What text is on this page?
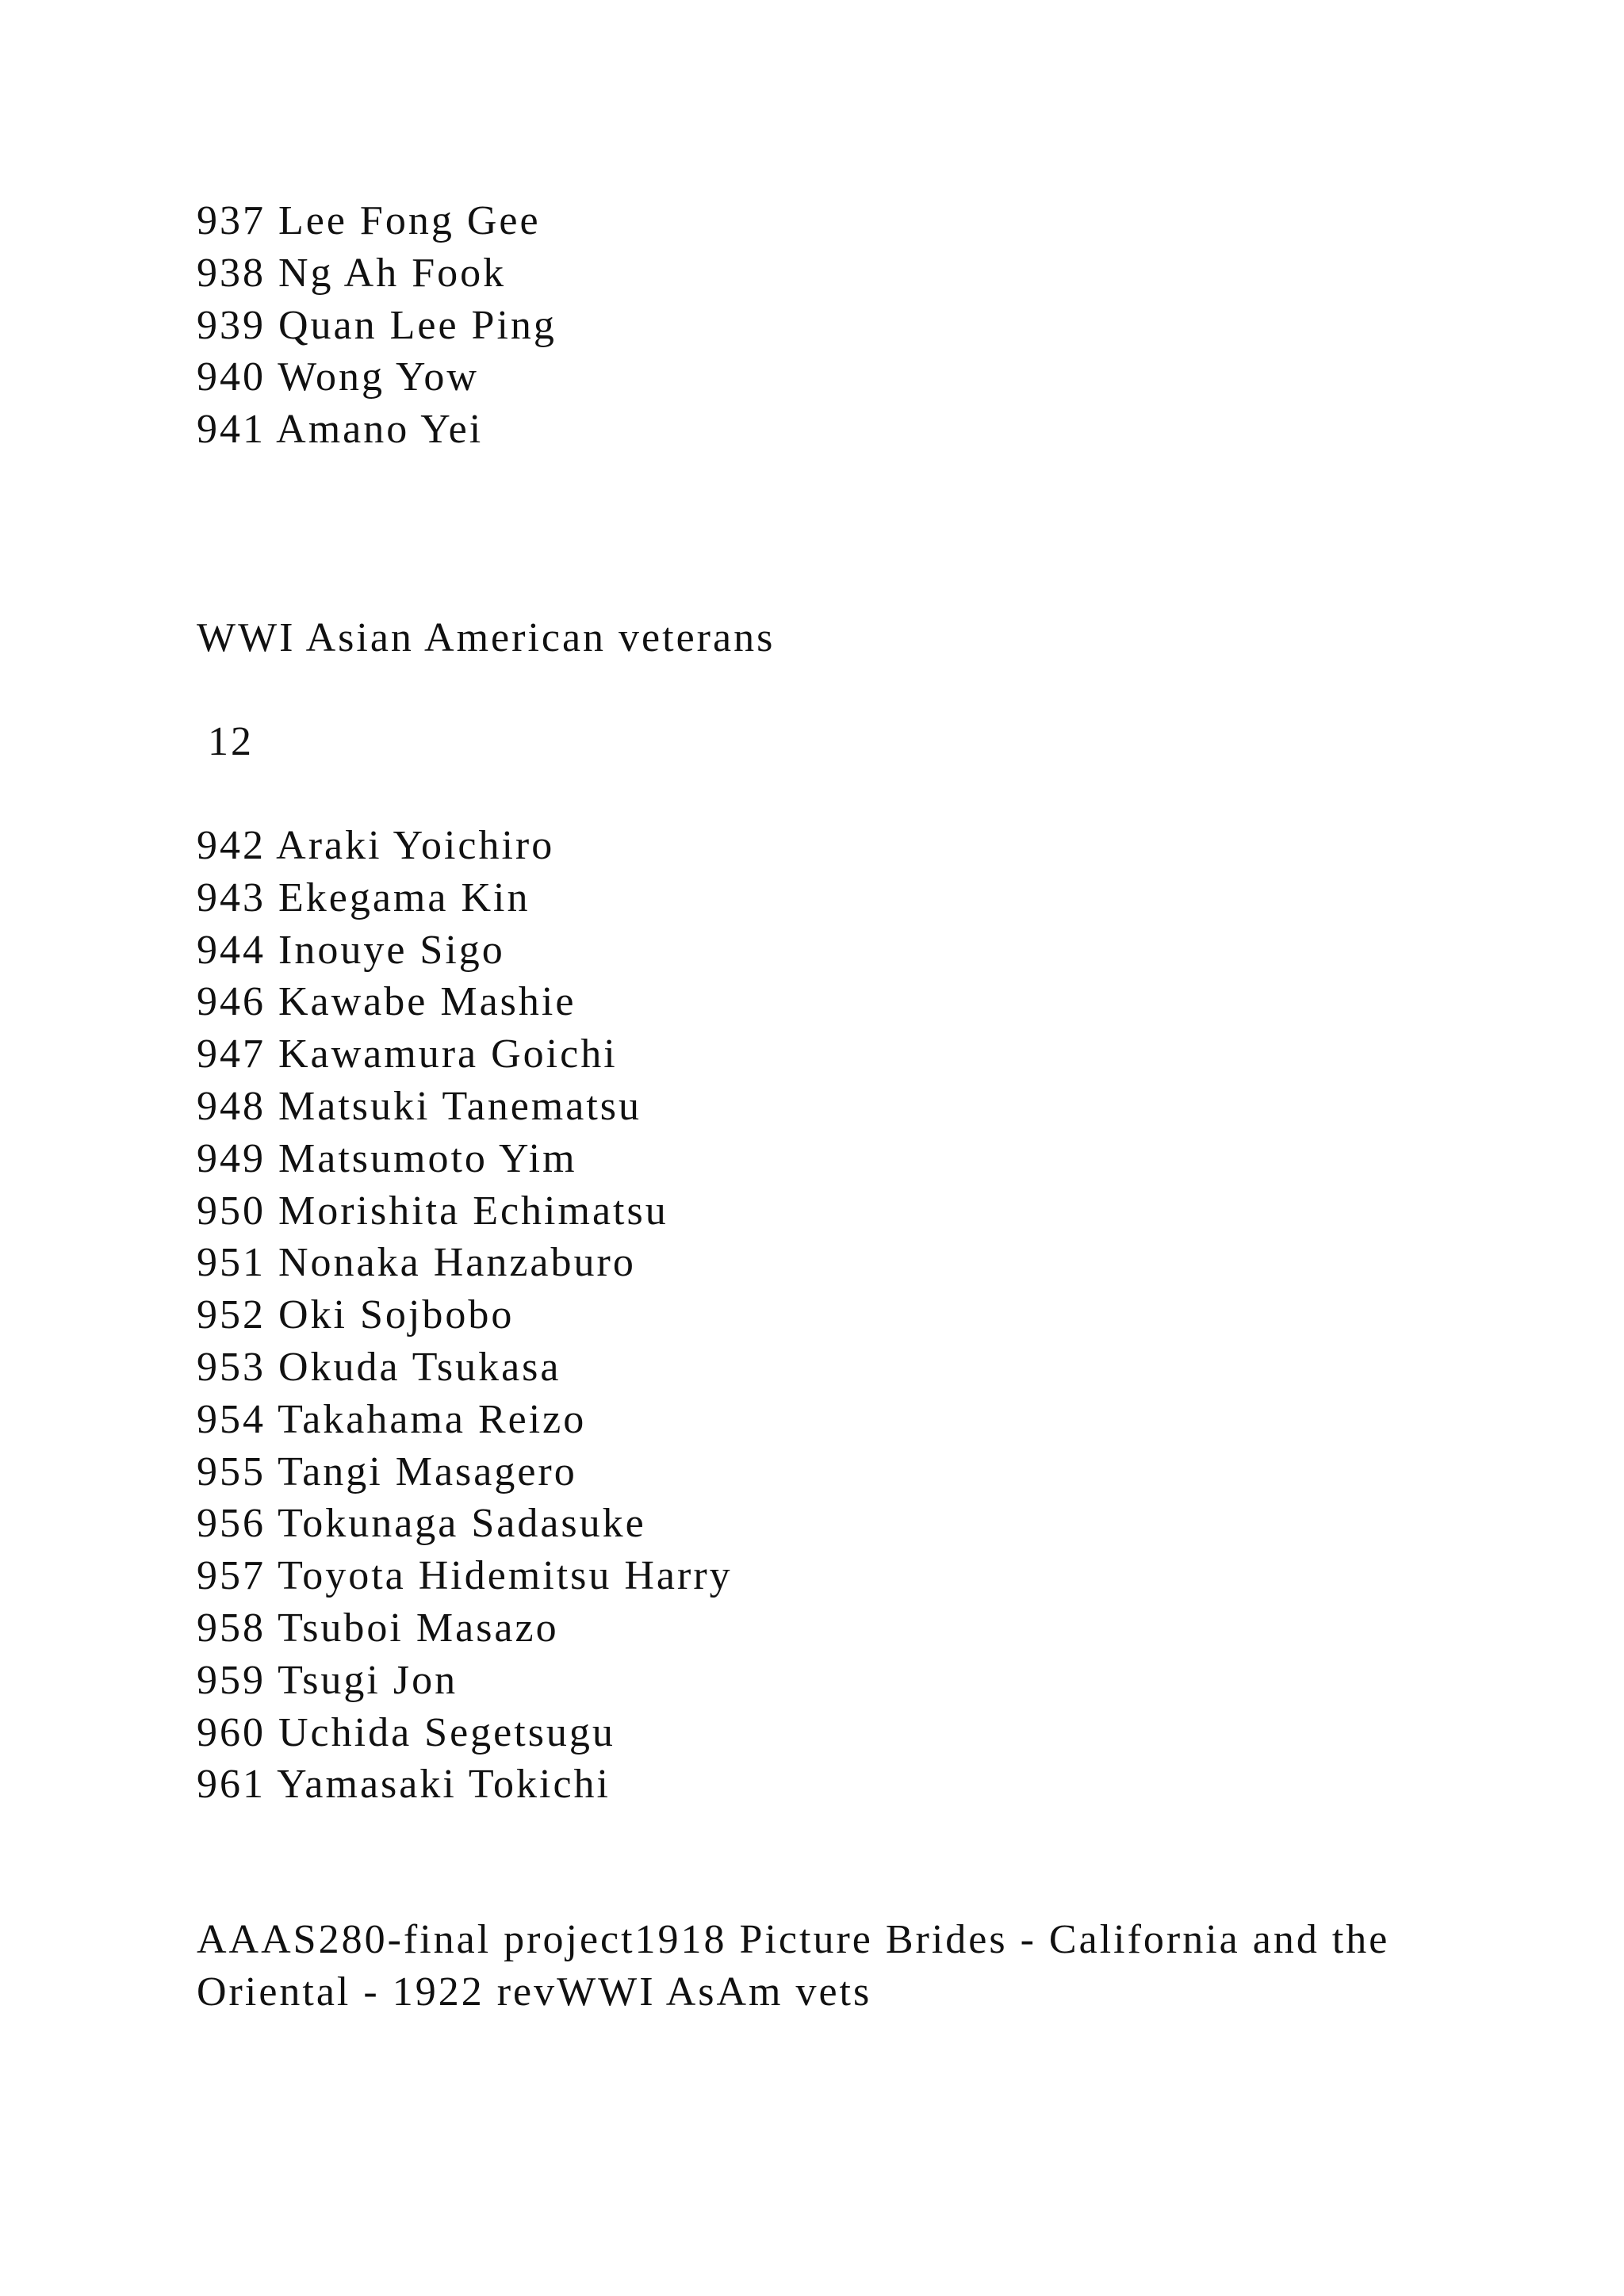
937 Lee Fong Gee
938 Ng Ah Fook
939 Quan Lee Ping
940 Wong Yow
941 Amano Yei
WWI Asian American veterans
12
942 Araki Yoichiro
943 Ekegama Kin
944 Inouye Sigo
946 Kawabe Mashie
947 Kawamura Goichi
948 Matsuki Tanematsu
949 Matsumoto Yim
950 Morishita Echimatsu
951 Nonaka Hanzaburo
952 Oki Sojbobo
953 Okuda Tsukasa
954 Takahama Reizo
955 Tangi Masagero
956 Tokunaga Sadasuke
957 Toyota Hidemitsu Harry
958 Tsuboi Masazo
959 Tsugi Jon
960 Uchida Segetsugu
961 Yamasaki Tokichi
AAAS280-final project1918 Picture Brides - California and the Oriental - 1922 revWWI AsAm vets
